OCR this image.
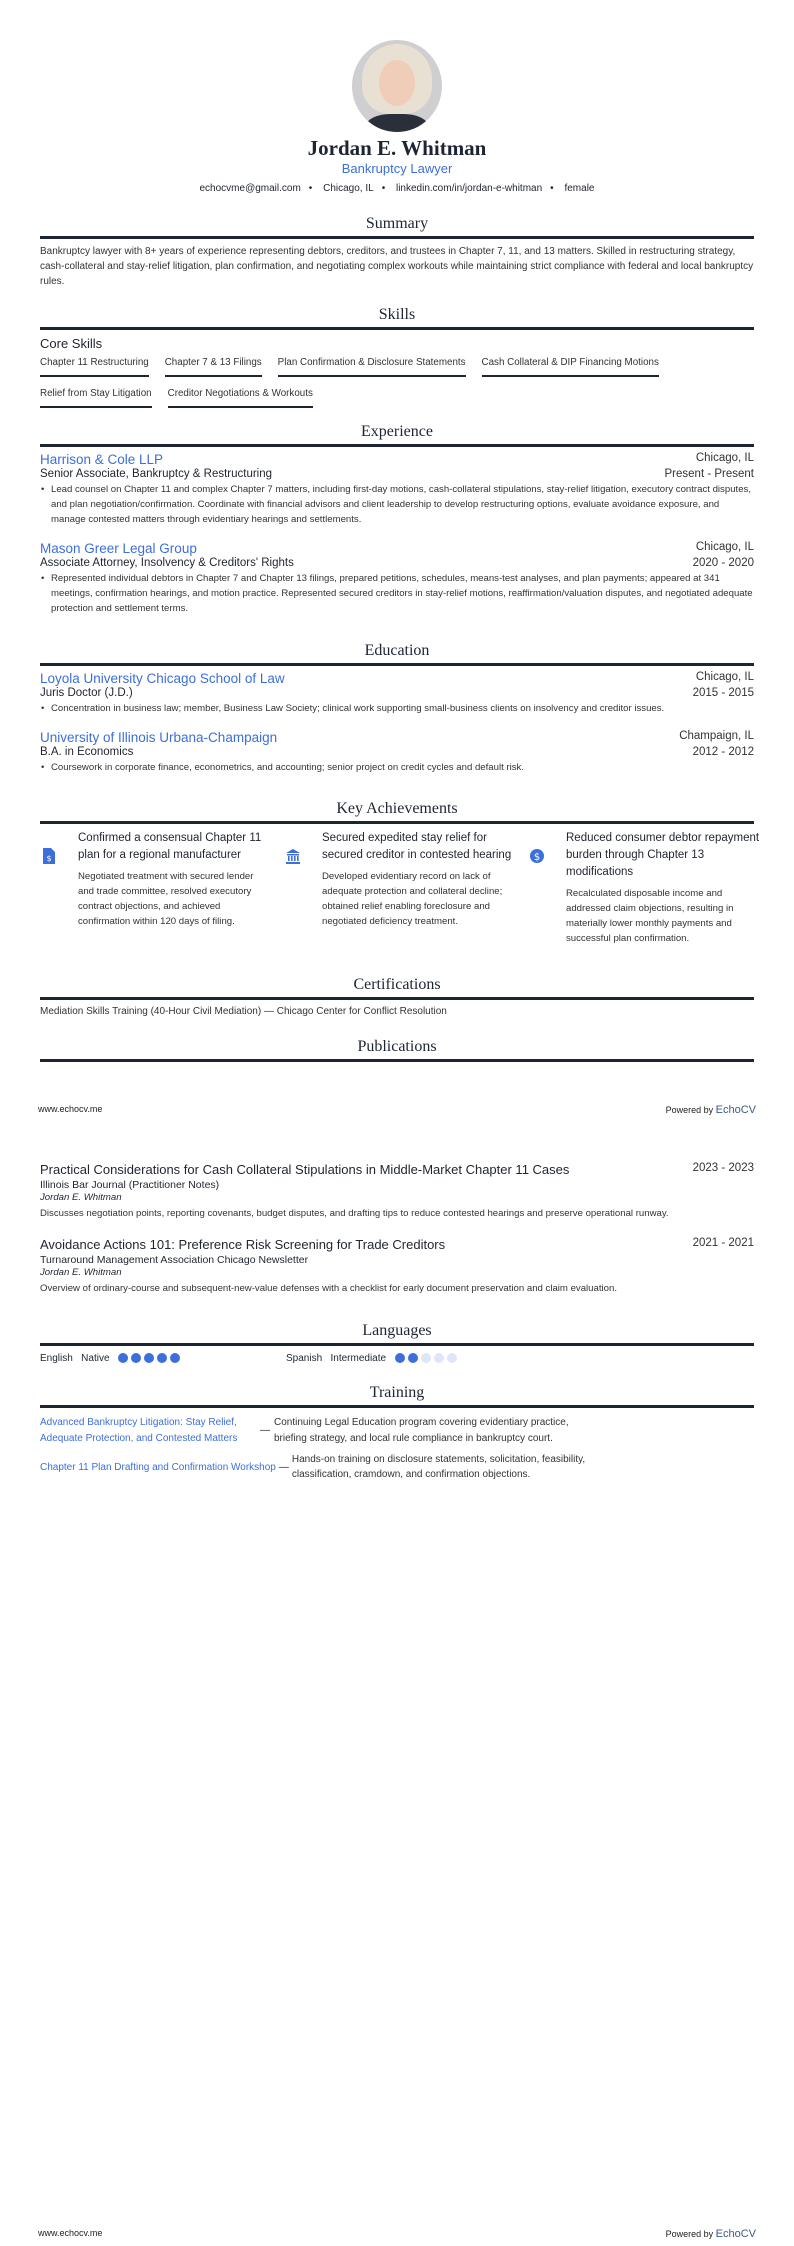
Jordan E. Whitman
Bankruptcy Lawyer
echocvme@gmail.com • Chicago, IL • linkedin.com/in/jordan-e-whitman • female
Summary
Bankruptcy lawyer with 8+ years of experience representing debtors, creditors, and trustees in Chapter 7, 11, and 13 matters. Skilled in restructuring strategy, cash-collateral and stay-relief litigation, plan confirmation, and negotiating complex workouts while maintaining strict compliance with federal and local bankruptcy rules.
Skills
Core Skills
Chapter 11 Restructuring Chapter 7 & 13 Filings Plan Confirmation & Disclosure Statements Cash Collateral & DIP Financing Motions
Relief from Stay Litigation Creditor Negotiations & Workouts
Experience
Harrison & Cole LLP	Chicago, IL
Senior Associate, Bankruptcy & Restructuring	Present - Present
• Lead counsel on Chapter 11 and complex Chapter 7 matters, including first-day motions, cash-collateral stipulations, stay-relief litigation, executory contract disputes, and plan negotiation/confirmation. Coordinate with financial advisors and client leadership to develop restructuring options, evaluate avoidance exposure, and manage contested matters through evidentiary hearings and settlements.
Mason Greer Legal Group	Chicago, IL
Associate Attorney, Insolvency & Creditors' Rights	2020 - 2020
• Represented individual debtors in Chapter 7 and Chapter 13 filings, prepared petitions, schedules, means-test analyses, and plan payments; appeared at 341 meetings, confirmation hearings, and motion practice. Represented secured creditors in stay-relief motions, reaffirmation/valuation disputes, and negotiated adequate protection and settlement terms.
Education
Loyola University Chicago School of Law	Chicago, IL
Juris Doctor (J.D.)	2015 - 2015
• Concentration in business law; member, Business Law Society; clinical work supporting small-business clients on insolvency and creditor issues.
University of Illinois Urbana-Champaign	Champaign, IL
B.A. in Economics	2012 - 2012
• Coursework in corporate finance, econometrics, and accounting; senior project on credit cycles and default risk.
Key Achievements
$
Confirmed a consensual Chapter 11 plan for a regional manufacturer
Negotiated treatment with secured lender and trade committee, resolved executory contract objections, and achieved confirmation within 120 days of filing.
Secured expedited stay relief for secured creditor in contested hearing
Developed evidentiary record on lack of adequate protection and collateral decline; obtained relief enabling foreclosure and negotiated deficiency treatment.
$
Reduced consumer debtor repayment burden through Chapter 13 modifications
Recalculated disposable income and addressed claim objections, resulting in materially lower monthly payments and successful plan confirmation.
Certifications
Mediation Skills Training (40-Hour Civil Mediation) — Chicago Center for Conflict Resolution
Publications
www.echocv.me	Powered by EchoCV
Practical Considerations for Cash Collateral Stipulations in Middle-Market Chapter 11 Cases	2023 - 2023
Illinois Bar Journal (Practitioner Notes)
Jordan E. Whitman
Discusses negotiation points, reporting covenants, budget disputes, and drafting tips to reduce contested hearings and preserve operational runway.
Avoidance Actions 101: Preference Risk Screening for Trade Creditors	2021 - 2021
Turnaround Management Association Chicago Newsletter
Jordan E. Whitman
Overview of ordinary-course and subsequent-new-value defenses with a checklist for early document preservation and claim evaluation.
Languages
English Native	Spanish Intermediate
Training
Advanced Bankruptcy Litigation: Stay Relief, Adequate Protection, and Contested Matters
—
Continuing Legal Education program covering evidentiary practice, briefing strategy, and local rule compliance in bankruptcy court.
Chapter 11 Plan Drafting and Confirmation Workshop —
Hands-on training on disclosure statements, solicitation, feasibility, classification, cramdown, and confirmation objections.
www.echocv.me	Powered by EchoCV
